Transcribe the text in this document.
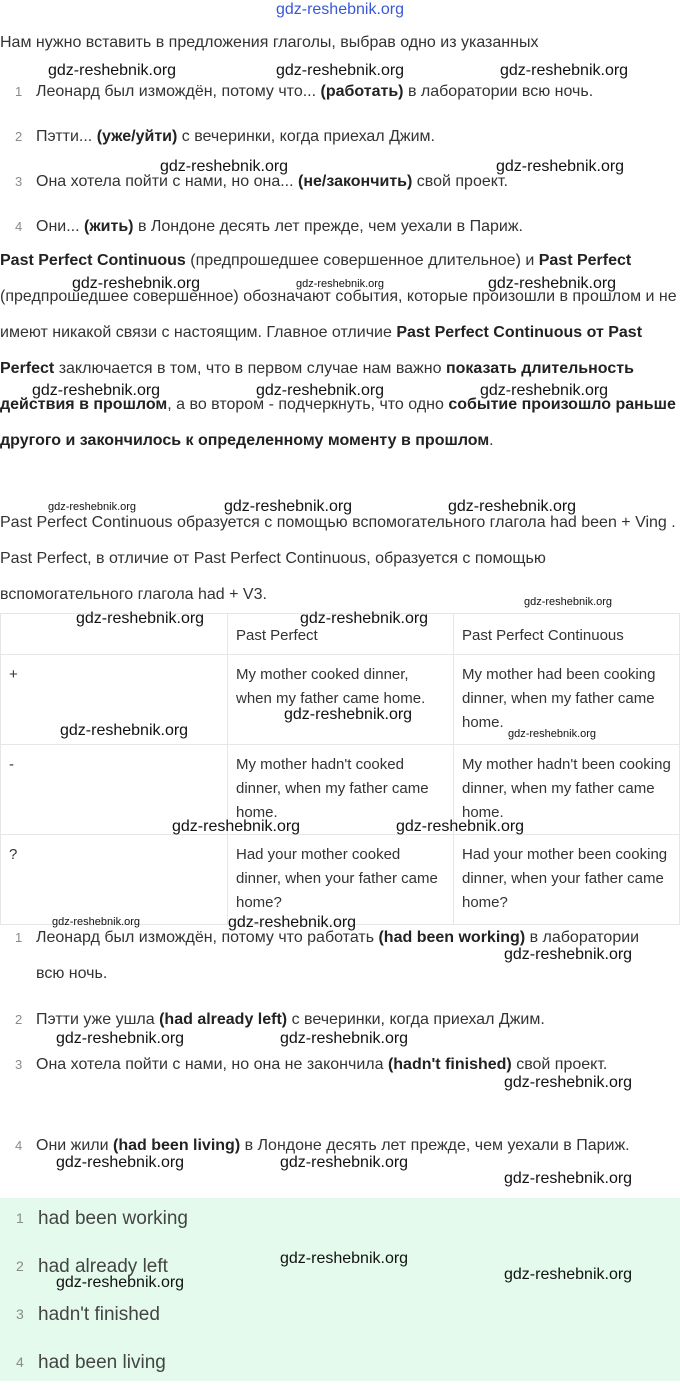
gdz-reshebnik.org
Нам нужно вставить в предложения глаголы, выбрав одно из указанных
1 Леонард был измождён, потому что... (работать) в лаборатории всю ночь.
2 Пэтти... (уже/уйти) с вечеринки, когда приехал Джим.
3 Она хотела пойти с нами, но она... (не/закончить) свой проект.
4 Они... (жить) в Лондоне десять лет прежде, чем уехали в Париж.
Past Perfect Continuous (предпрошедшее совершенное длительное) и Past Perfect (предпрошедшее совершенное) обозначают события, которые произошли в прошлом и не имеют никакой связи с настоящим. Главное отличие Past Perfect Continuous от Past Perfect заключается в том, что в первом случае нам важно показать длительность действия в прошлом, а во втором - подчеркнуть, что одно событие произошло раньше другого и закончилось к определенному моменту в прошлом.
Past Perfect Continuous образуется с помощью вспомогательного глагола had been + Ving . Past Perfect, в отличие от Past Perfect Continuous, образуется с помощью вспомогательного глагола had + V3.
	Past Perfect	Past Perfect Continuous
+	My mother cooked dinner, when my father came home.	My mother had been cooking dinner, when my father came home.
-	My mother hadn't cooked dinner, when my father came home.	My mother hadn't been cooking dinner, when my father came home.
?	Had your mother cooked dinner, when your father came home?	Had your mother been cooking dinner, when your father came home?
1 Леонард был измождён, потому что работать (had been working) в лаборатории всю ночь.
2 Пэтти уже ушла (had already left) с вечеринки, когда приехал Джим.
3 Она хотела пойти с нами, но она не закончила (hadn't finished) свой проект.
4 Они жили (had been living) в Лондоне десять лет прежде, чем уехали в Париж.
1 had been working
2 had already left
3 hadn't finished
4 had been living
gdz-reshebnik.org	gdz-reshebnik.org	gdz-reshebnik.org
gdz-reshebnik.org	gdz-reshebnik.org
gdz-reshebnik.org	gdz-reshebnik.org	gdz-reshebnik.org
gdz-reshebnik.org	gdz-reshebnik.org	gdz-reshebnik.org
gdz-reshebnik.org	gdz-reshebnik.org	gdz-reshebnik.org
gdz-reshebnik.org
gdz-reshebnik.org	gdz-reshebnik.org
gdz-reshebnik.org
gdz-reshebnik.org
gdz-reshebnik.org
gdz-reshebnik.org	gdz-reshebnik.org
gdz-reshebnik.org	gdz-reshebnik.org
gdz-reshebnik.org
gdz-reshebnik.org	gdz-reshebnik.org
gdz-reshebnik.org
gdz-reshebnik.org	gdz-reshebnik.org
gdz-reshebnik.org
gdz-reshebnik.org
gdz-reshebnik.org
gdz-reshebnik.org
